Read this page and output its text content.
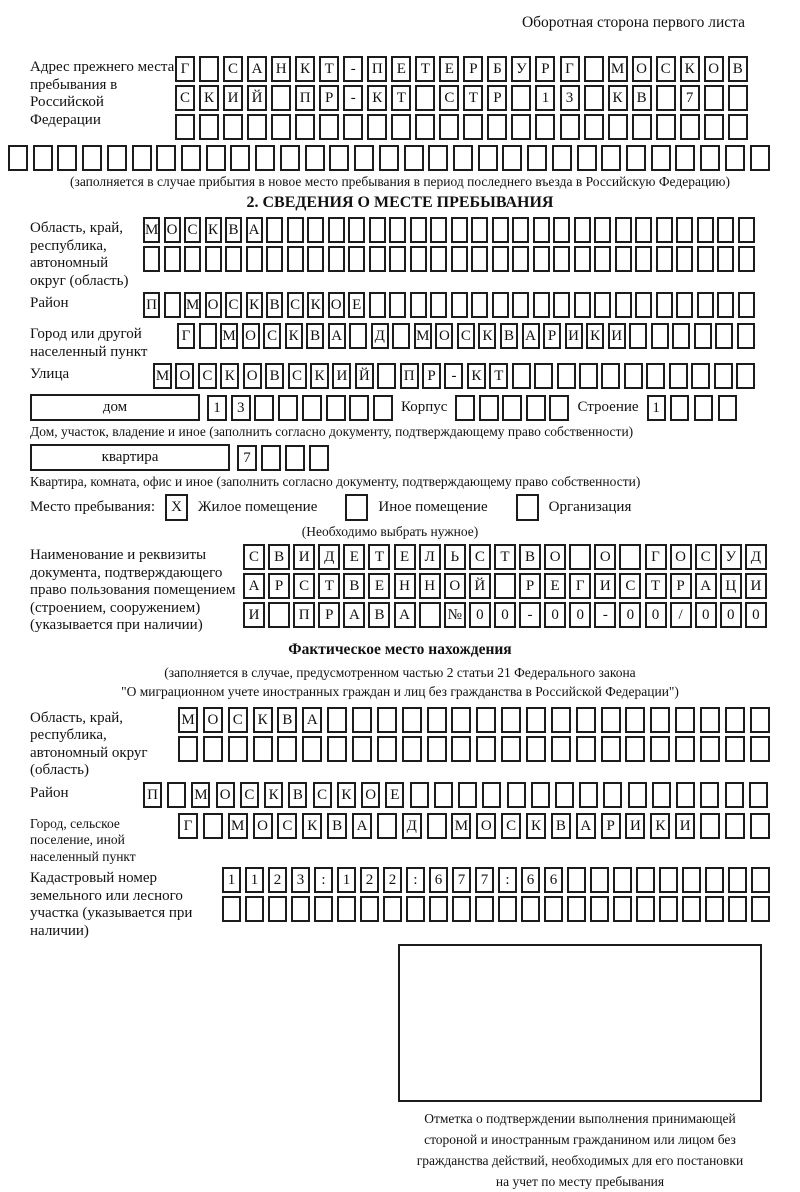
Оборотная сторона первого листа
Адрес прежнего места пребывания в Российской Федерации
Г	С А Н К Т	-	П Е Т Е	Р	Б У Р	Г	М О С К О В
С К И Й	П Р	-	К Т	С Т	Р	1	3	К В	7
(заполняется в случае прибытия в новое место пребывания в период последнего въезда в Российскую Федерацию)
2. СВЕДЕНИЯ О МЕСТЕ ПРЕБЫВАНИЯ
Область, край, республика, автономный округ (область)
М О С К В А
Район	П М О С К В С К О Е
Город или другой населенный пункт
Г	М О С К В А Д М О С К В А Р И К И
Улица	М О С К О В С К И Й П Р	- К Т
дом	1	3	Корпус	Строение 1
Дом, участок, владение и иное (заполнить согласно документу, подтверждающему право собственности)
квартира	7
Квартира, комната, офис и иное (заполнить согласно документу, подтверждающему право собственности)
Место пребывания:	X	Жилое помещение	Иное помещение	Организация
(Необходимо выбрать нужное)
Наименование и реквизиты документа, подтверждающего право пользования помещением (строением, сооружением) (указывается при наличии)
С	В И Д	Е	Т	Е	Л	Ь	С	Т	В О	О	Г	О С У Д
А	Р	С	Т	В	Е	Н Н О Й	Р	Е	Г	И С	Т	Р	А Ц И
И	П	Р	А В А	№ 0	0	-	0	0	-	0	0	/	0	0	0
Фактическое место нахождения
(заполняется в случае, предусмотренном частью 2 статьи 21 Федерального закона
"О миграционном учете иностранных граждан и лиц без гражданства в Российской Федерации")
Область, край, республика, автономный округ (область)
М О С К В А
Район	П М О С К В С К О Е
Город, сельское поселение, иной населенный пункт
Г	М О С К В А	Д	М О С К В А	Р	И К И
Кадастровый номер земельного или лесного участка (указывается при наличии)
1	1	2	3	:	1	2	2	:	6	7	7	:	6	6
Отметка о подтверждении выполнения принимающей
стороной и иностранным гражданином или лицом без
гражданства действий, необходимых для его постановки
на учет по месту пребывания
